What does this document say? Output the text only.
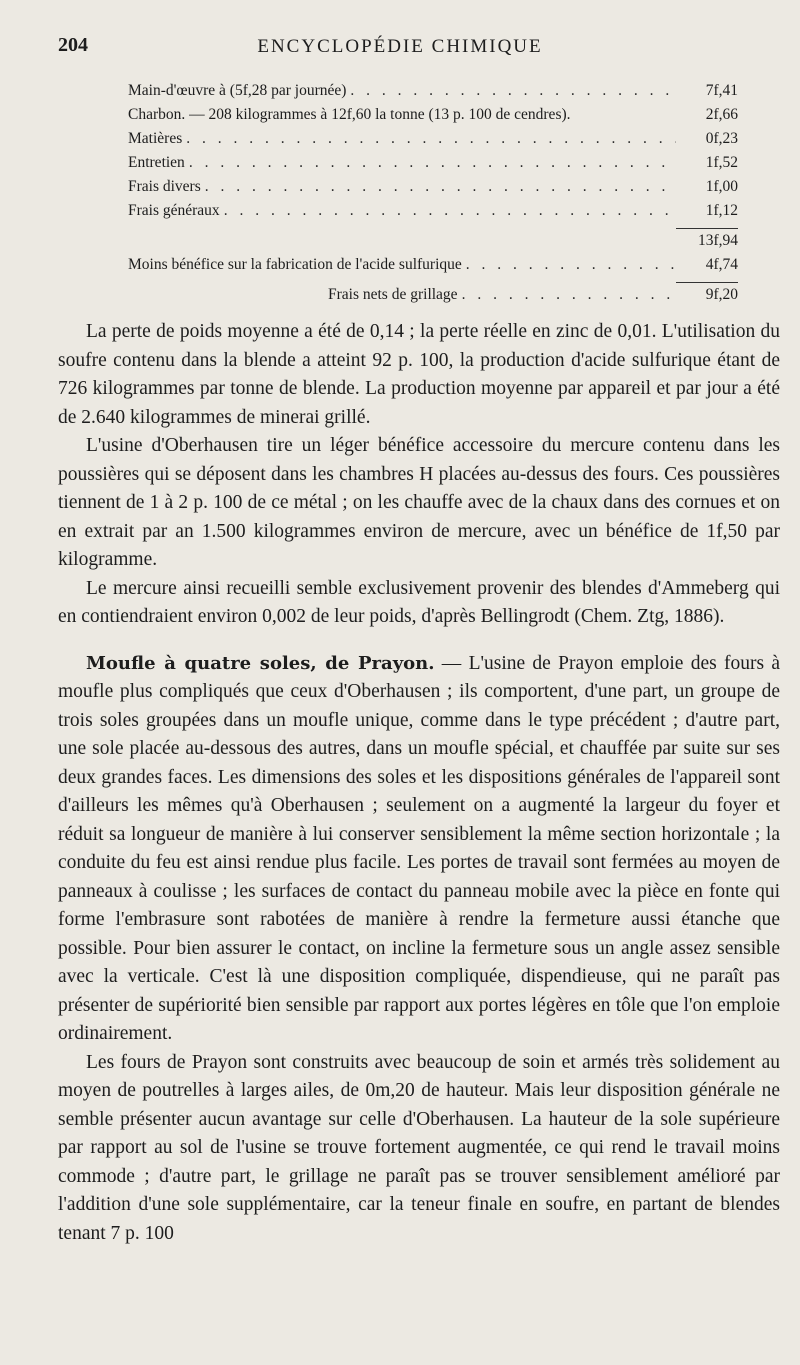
204	ENCYCLOPÉDIE CHIMIQUE
Main-d'œuvre à (5f,28 par journée) . . .	7f,41
Charbon. — 208 kilogrammes à 12f,60 la tonne (13 p. 100 de cendres).	2f,66
Matières . . .	0f,23
Entretien . . .	1f,52
Frais divers . . .	1f,00
Frais généraux . . .	1f,12
13f,94
Moins bénéfice sur la fabrication de l'acide sulfurique . . .	4f,74
Frais nets de grillage . . .	9f,20

La perte de poids moyenne a été de 0,14 ; la perte réelle en zinc de 0,01. L'utilisation du soufre contenu dans la blende a atteint 92 p. 100, la production d'acide sulfurique étant de 726 kilogrammes par tonne de blende. La production moyenne par appareil et par jour a été de 2.640 kilogrammes de minerai grillé.

L'usine d'Oberhausen tire un léger bénéfice accessoire du mercure contenu dans les poussières qui se déposent dans les chambres H placées au-dessus des fours. Ces poussières tiennent de 1 à 2 p. 100 de ce métal ; on les chauffe avec de la chaux dans des cornues et on en extrait par an 1.500 kilogrammes environ de mercure, avec un bénéfice de 1f,50 par kilogramme.

Le mercure ainsi recueilli semble exclusivement provenir des blendes d'Ammeberg qui en contiendraient environ 0,002 de leur poids, d'après Bellingrodt (Chem. Ztg, 1886).

Moufle à quatre soles, de Prayon. — L'usine de Prayon emploie des fours à moufle plus compliqués que ceux d'Oberhausen ; ils comportent, d'une part, un groupe de trois soles groupées dans un moufle unique, comme dans le type précédent ; d'autre part, une sole placée au-dessous des autres, dans un moufle spécial, et chauffée par suite sur ses deux grandes faces. Les dimensions des soles et les dispositions générales de l'appareil sont d'ailleurs les mêmes qu'à Oberhausen ; seulement on a augmenté la largeur du foyer et réduit sa longueur de manière à lui conserver sensiblement la même section horizontale ; la conduite du feu est ainsi rendue plus facile. Les portes de travail sont fermées au moyen de panneaux à coulisse ; les surfaces de contact du panneau mobile avec la pièce en fonte qui forme l'embrasure sont rabotées de manière à rendre la fermeture aussi étanche que possible. Pour bien assurer le contact, on incline la fermeture sous un angle assez sensible avec la verticale. C'est là une disposition compliquée, dispendieuse, qui ne paraît pas présenter de supériorité bien sensible par rapport aux portes légères en tôle que l'on emploie ordinairement.

Les fours de Prayon sont construits avec beaucoup de soin et armés très solidement au moyen de poutrelles à larges ailes, de 0m,20 de hauteur. Mais leur disposition générale ne semble présenter aucun avantage sur celle d'Oberhausen. La hauteur de la sole supérieure par rapport au sol de l'usine se trouve fortement augmentée, ce qui rend le travail moins commode ; d'autre part, le grillage ne paraît pas se trouver sensiblement amélioré par l'addition d'une sole supplémentaire, car la teneur finale en soufre, en partant de blendes tenant 7 p. 100
